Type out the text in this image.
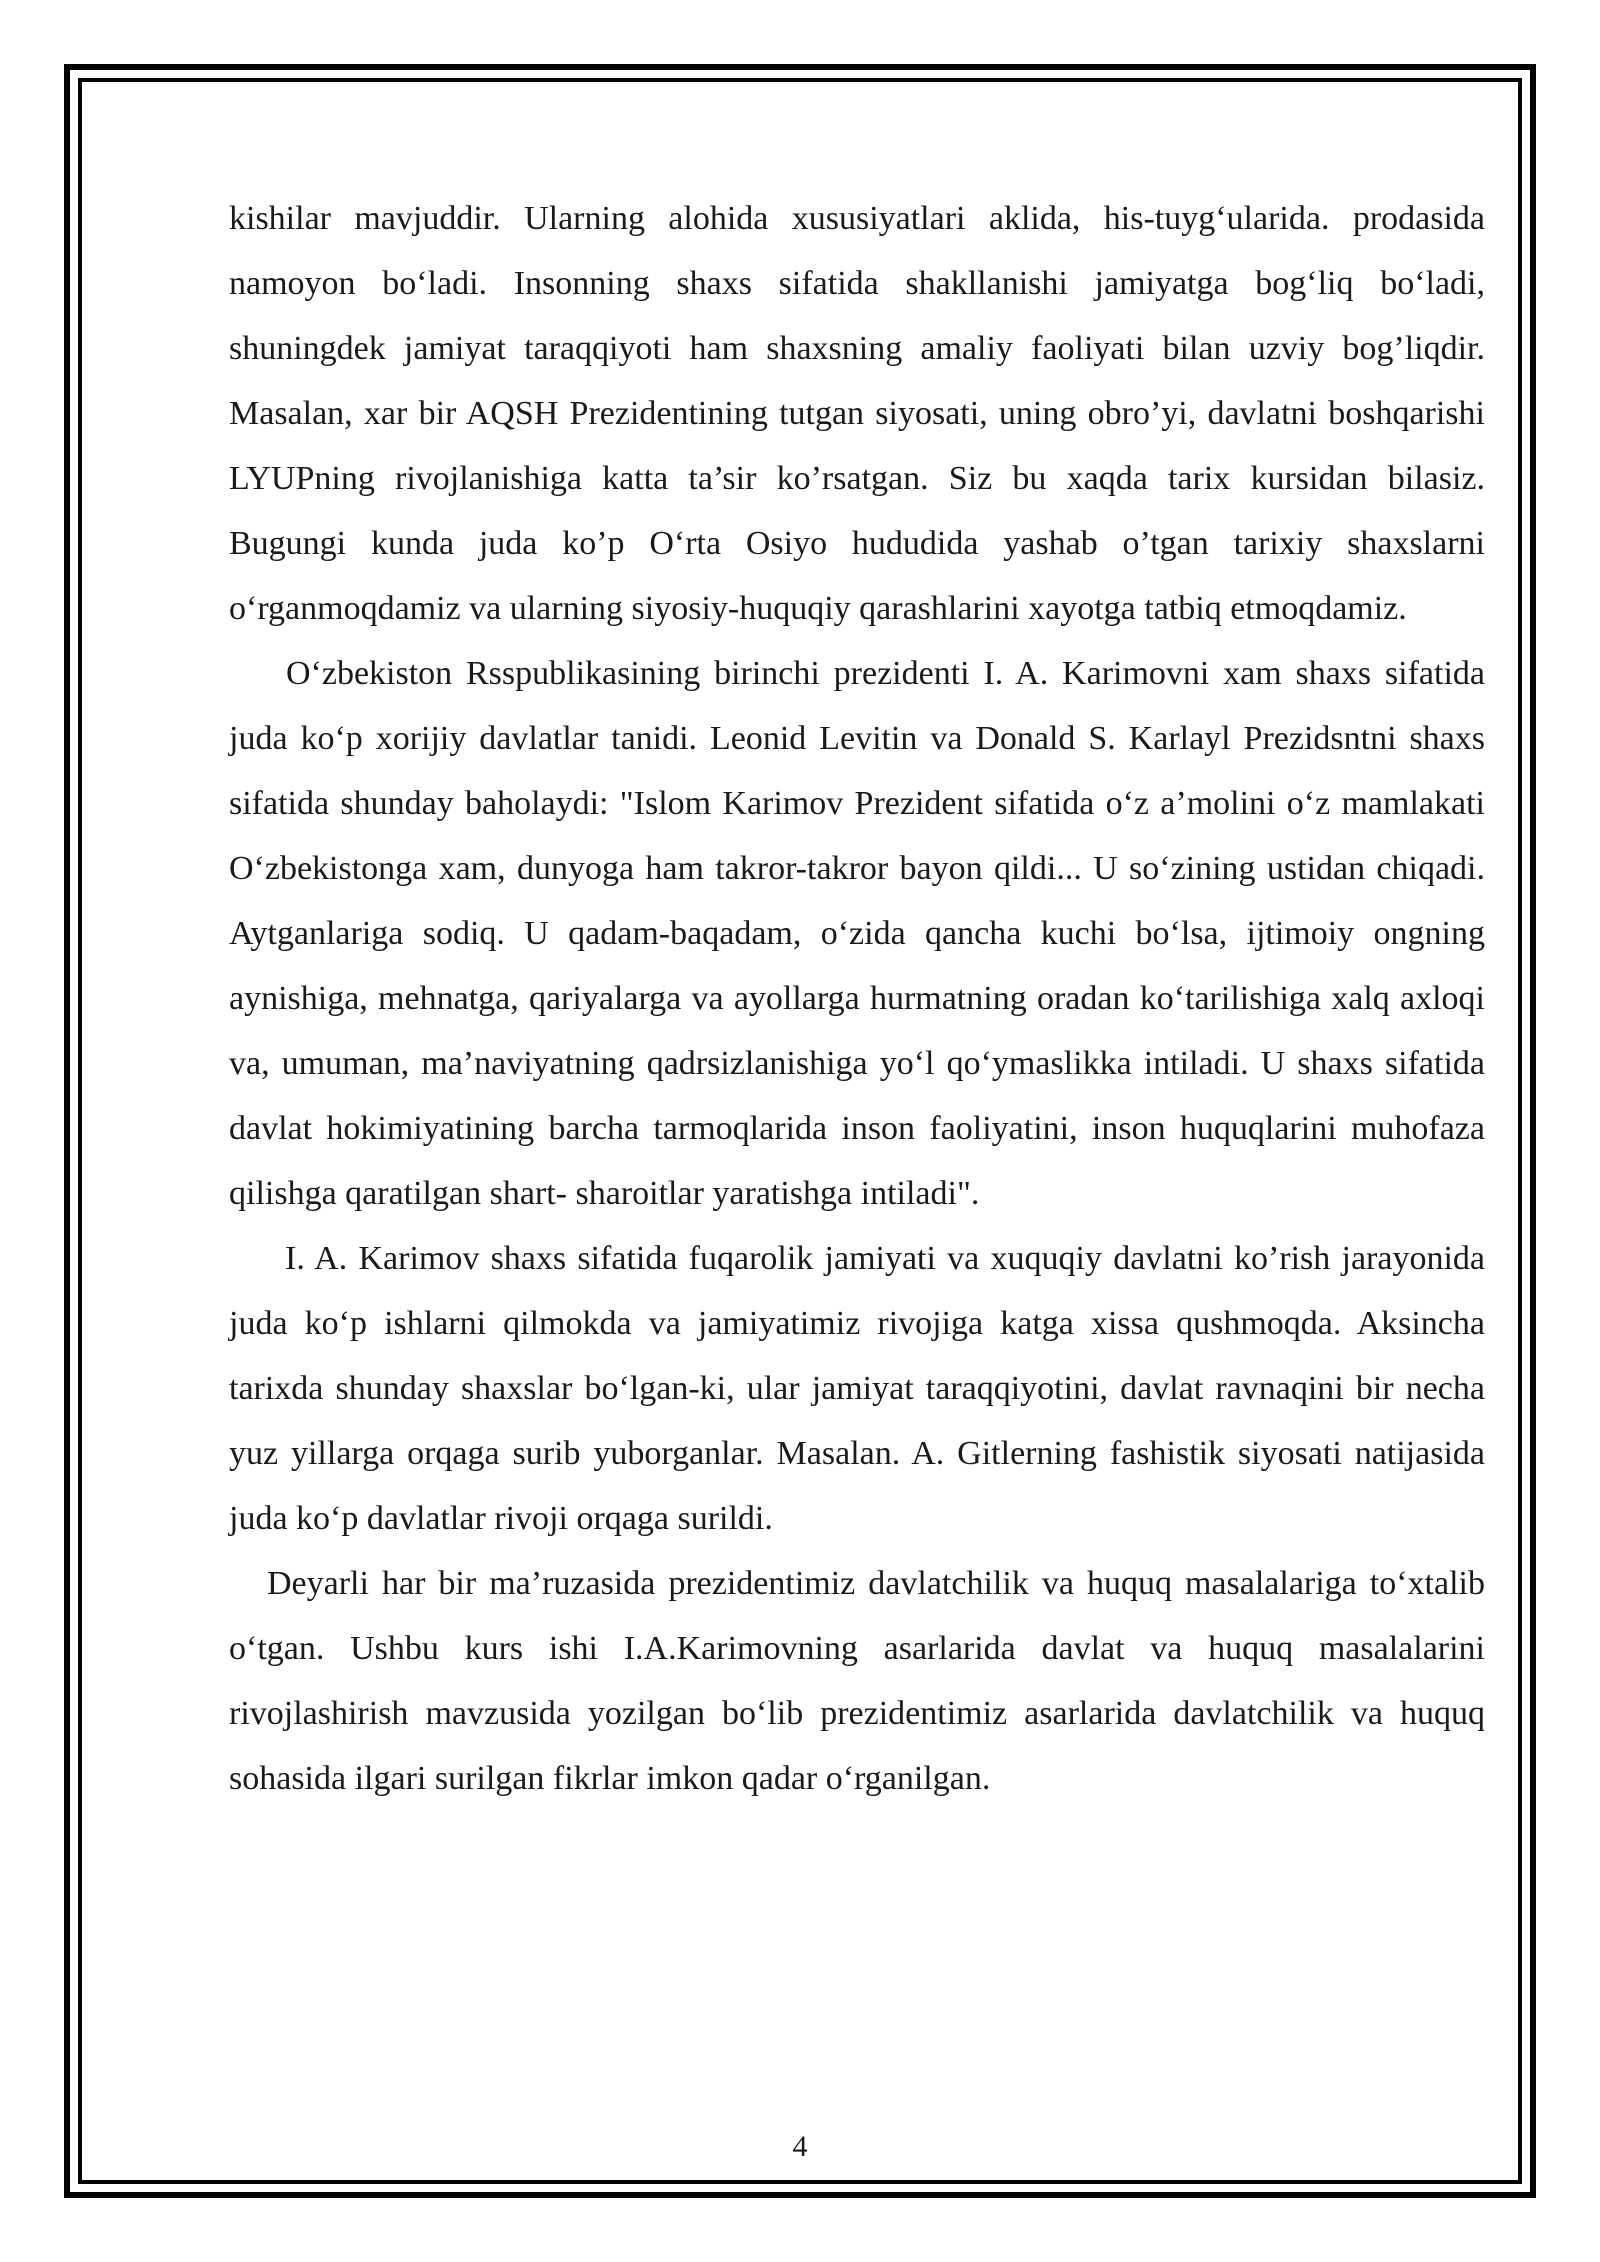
kishilar mavjuddir. Ularning alohida xususiyatlari aklida, his-tuygʻularida. prodasida namoyon boʻladi. Insonning shaxs sifatida shakllanishi jamiyatga bogʻliq boʻladi, shuningdek jamiyat taraqqiyoti ham shaxsning amaliy faoliyati bilan uzviy bog’liqdir. Masalan, xar bir AQSH Prezidentining tutgan siyosati, uning obro’yi, davlatni boshqarishi LYUPning rivojlanishiga katta ta’sir ko’rsatgan. Siz bu xaqda tarix kursidan bilasiz. Bugungi kunda juda ko’p Oʻrta Osiyo hududida yashab o’tgan tarixiy shaxslarni oʻrganmoqdamiz va ularning siyosiy-huquqiy qarashlarini xayotga tatbiq etmoqdamiz.

Oʻzbekiston Rsspublikasining birinchi prezidenti I. A. Karimovni xam shaxs sifatida juda koʻp xorijiy davlatlar tanidi. Leonid Levitin va Donald S. Karlayl Prezidsntni shaxs sifatida shunday baholaydi: "Islom Karimov Prezident sifatida oʻz a’molini oʻz mamlakati Oʻzbekistonga xam, dunyoga ham takror-takror bayon qildi... U soʻzining ustidan chiqadi. Aytganlariga sodiq. U qadam-baqadam, oʻzida qancha kuchi boʻlsa, ijtimoiy ongning aynishiga, mehnatga, qariyalarga va ayollarga hurmatning oradan koʻtarilishiga xalq axloqi va, umuman, ma’naviyatning qadrsizlanishiga yoʻl qoʻymaslikka intiladi. U shaxs sifatida davlat hokimiyatining barcha tarmoqlarida inson faoliyatini, inson huquqlarini muhofaza qilishga qaratilgan shart- sharoitlar yaratishga intiladi".

I. A. Karimov shaxs sifatida fuqarolik jamiyati va xuquqiy davlatni ko’rish jarayonida juda koʻp ishlarni qilmokda va jamiyatimiz rivojiga katga xissa qushmoqda. Aksincha tarixda shunday shaxslar boʻlgan-ki, ular jamiyat taraqqiyotini, davlat ravnaqini bir necha yuz yillarga orqaga surib yuborganlar. Masalan. A. Gitlerning fashistik siyosati natijasida juda koʻp davlatlar rivoji orqaga surildi.

Deyarli har bir ma’ruzasida prezidentimiz davlatchilik va huquq masalalariga toʻxtalib oʻtgan. Ushbu kurs ishi I.A.Karimovning asarlarida davlat va huquq masalalarini rivojlashirish mavzusida yozilgan boʻlib prezidentimiz asarlarida davlatchilik va huquq sohasida ilgari surilgan fikrlar imkon qadar oʻrganilgan.

4
